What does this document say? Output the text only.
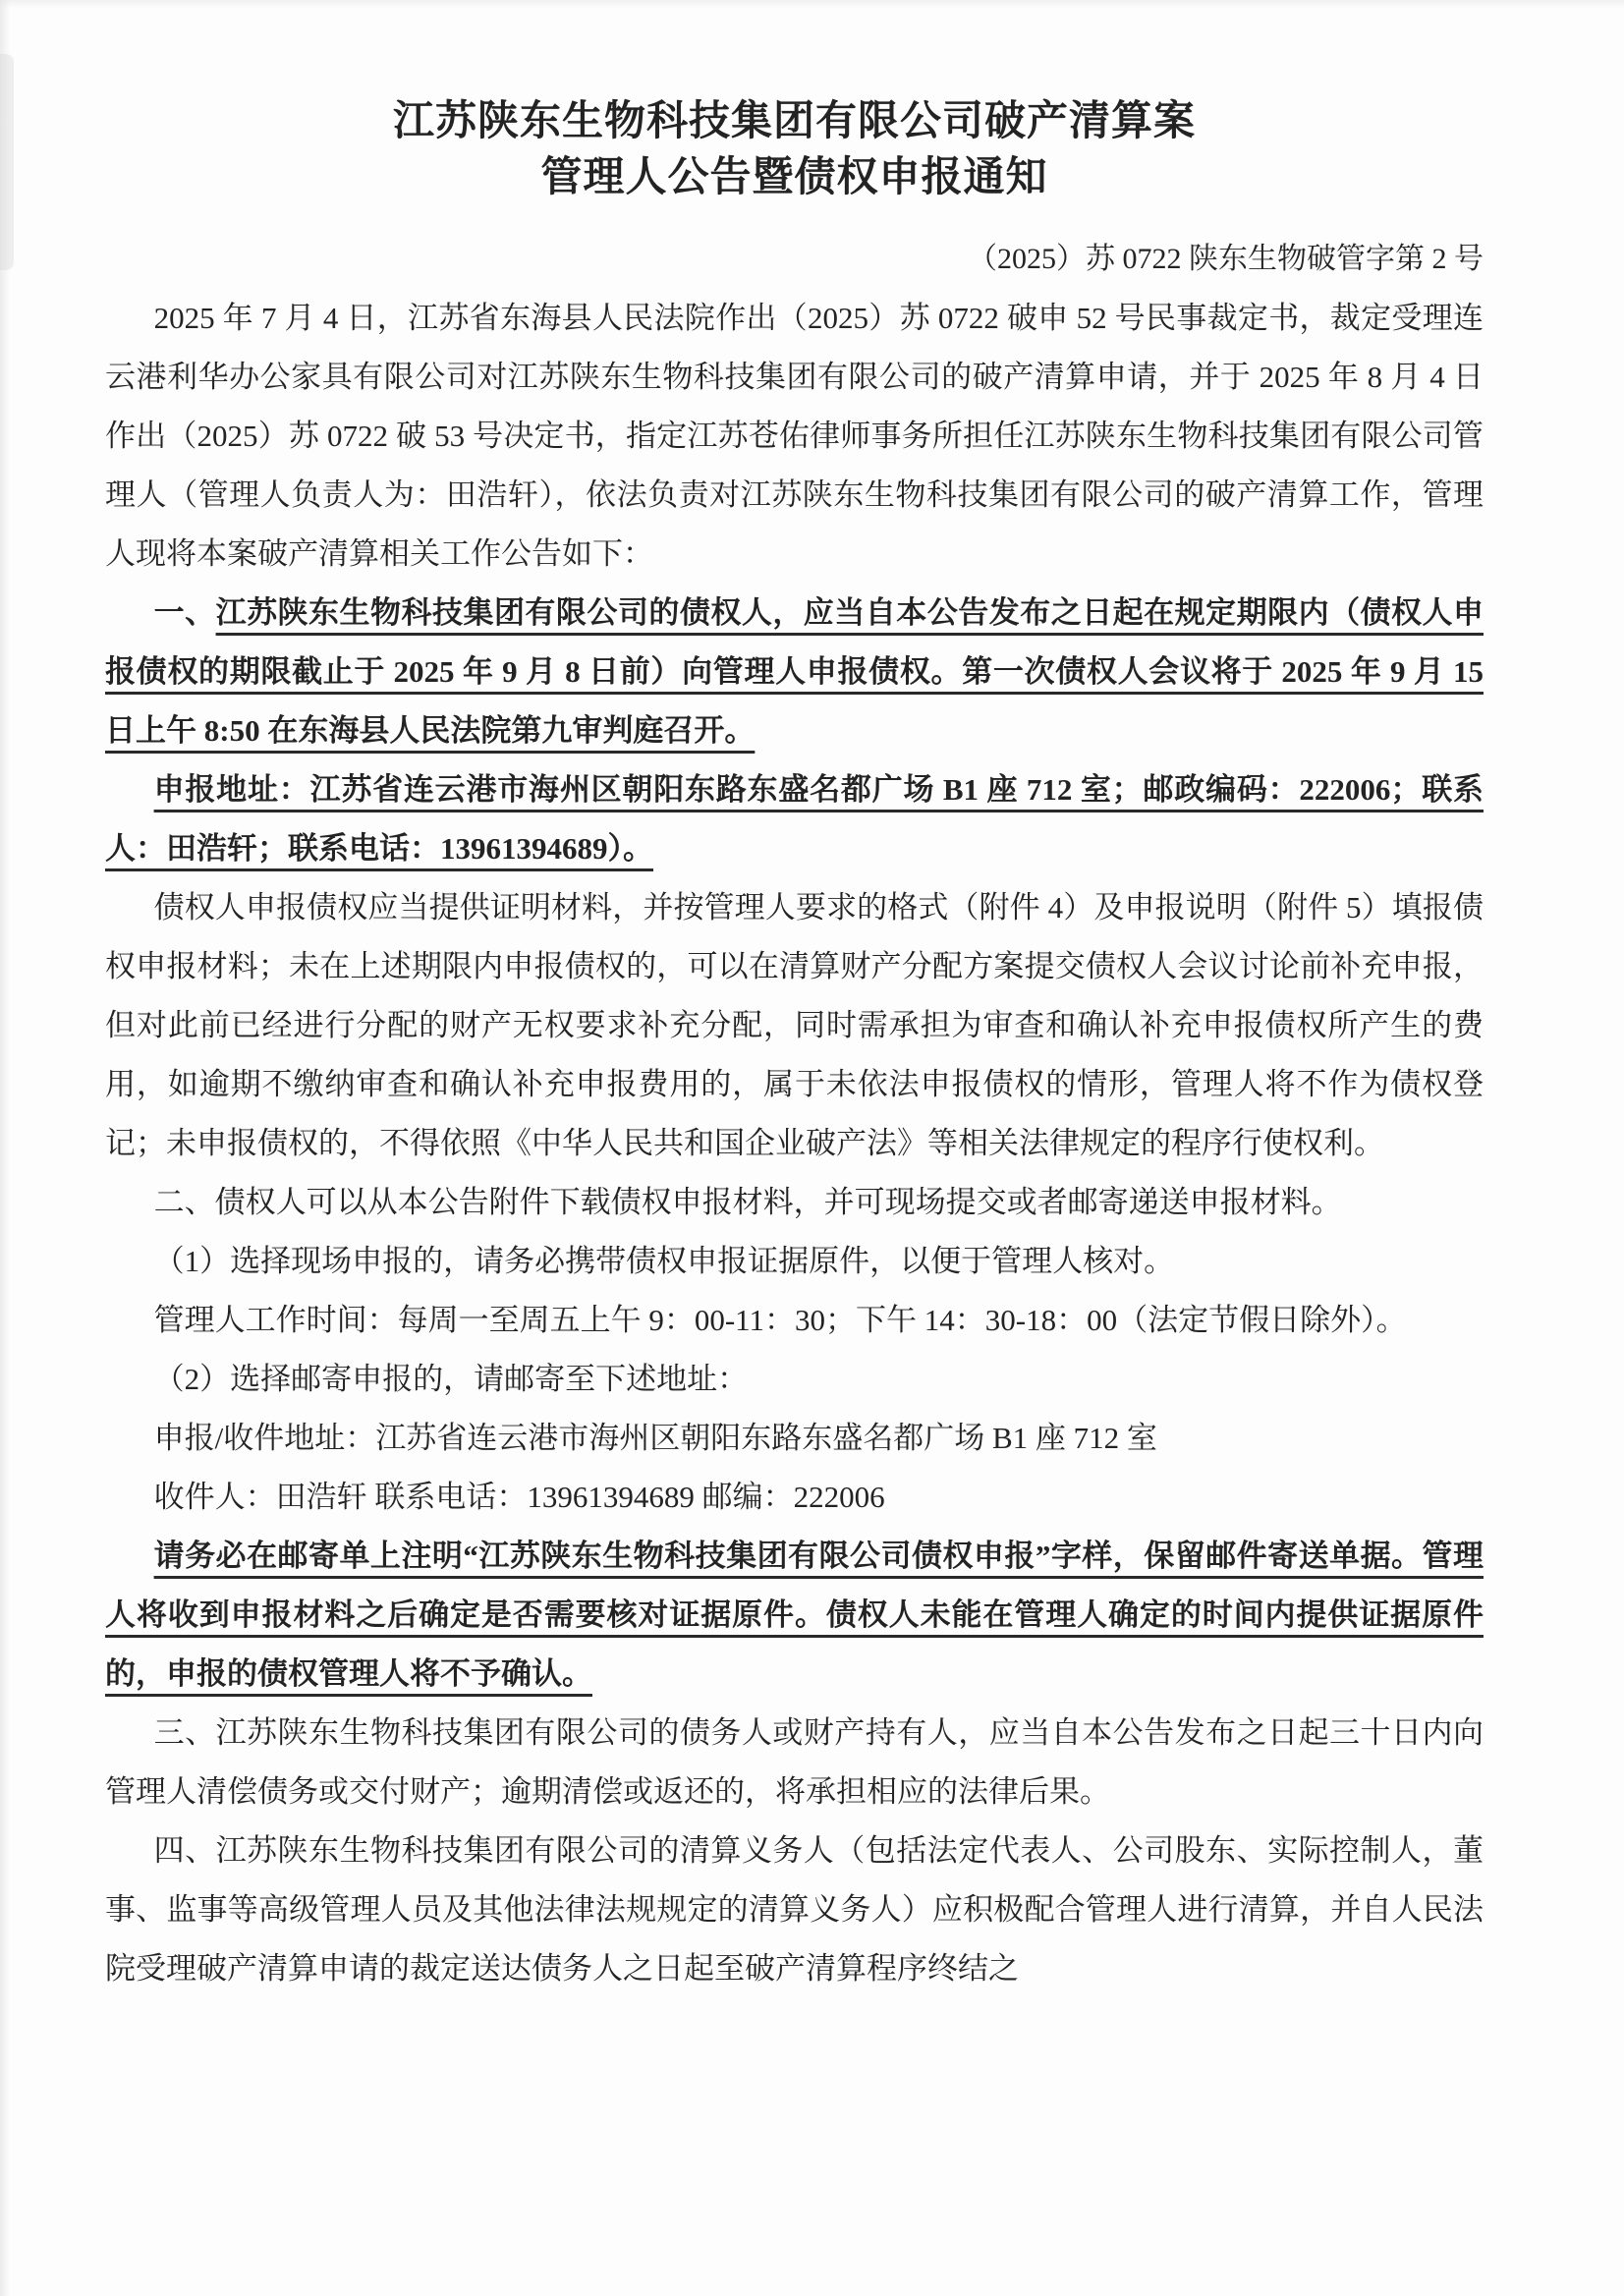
江苏陕东生物科技集团有限公司破产清算案
管理人公告暨债权申报通知
（2025）苏 0722 陕东生物破管字第 2 号

2025 年 7 月 4 日，江苏省东海县人民法院作出（2025）苏 0722 破申 52 号民事裁定书，裁定受理连云港利华办公家具有限公司对江苏陕东生物科技集团有限公司的破产清算申请，并于 2025 年 8 月 4 日作出（2025）苏 0722 破 53 号决定书，指定江苏苍佑律师事务所担任江苏陕东生物科技集团有限公司管理人（管理人负责人为：田浩轩），依法负责对江苏陕东生物科技集团有限公司的破产清算工作，管理人现将本案破产清算相关工作公告如下：

一、江苏陕东生物科技集团有限公司的债权人，应当自本公告发布之日起在规定期限内（债权人申报债权的期限截止于 2025 年 9 月 8 日前）向管理人申报债权。第一次债权人会议将于 2025 年 9 月 15 日上午 8:50 在东海县人民法院第九审判庭召开。

申报地址：江苏省连云港市海州区朝阳东路东盛名都广场 B1 座 712 室；邮政编码：222006；联系人：田浩轩；联系电话：13961394689）。

债权人申报债权应当提供证明材料，并按管理人要求的格式（附件 4）及申报说明（附件 5）填报债权申报材料；未在上述期限内申报债权的，可以在清算财产分配方案提交债权人会议讨论前补充申报，但对此前已经进行分配的财产无权要求补充分配，同时需承担为审查和确认补充申报债权所产生的费用，如逾期不缴纳审查和确认补充申报费用的，属于未依法申报债权的情形，管理人将不作为债权登记；未申报债权的，不得依照《中华人民共和国企业破产法》等相关法律规定的程序行使权利。

二、债权人可以从本公告附件下载债权申报材料，并可现场提交或者邮寄递送申报材料。

（1）选择现场申报的，请务必携带债权申报证据原件，以便于管理人核对。

管理人工作时间：每周一至周五上午 9：00-11：30；下午 14：30-18：00（法定节假日除外）。

（2）选择邮寄申报的，请邮寄至下述地址：

申报/收件地址：江苏省连云港市海州区朝阳东路东盛名都广场 B1 座 712 室

收件人：田浩轩 联系电话：13961394689 邮编：222006

请务必在邮寄单上注明“江苏陕东生物科技集团有限公司债权申报”字样，保留邮件寄送单据。管理人将收到申报材料之后确定是否需要核对证据原件。债权人未能在管理人确定的时间内提供证据原件的，申报的债权管理人将不予确认。

三、江苏陕东生物科技集团有限公司的债务人或财产持有人，应当自本公告发布之日起三十日内向管理人清偿债务或交付财产；逾期清偿或返还的，将承担相应的法律后果。

四、江苏陕东生物科技集团有限公司的清算义务人（包括法定代表人、公司股东、实际控制人，董事、监事等高级管理人员及其他法律法规规定的清算义务人）应积极配合管理人进行清算，并自人民法院受理破产清算申请的裁定送达债务人之日起至破产清算程序终结之
